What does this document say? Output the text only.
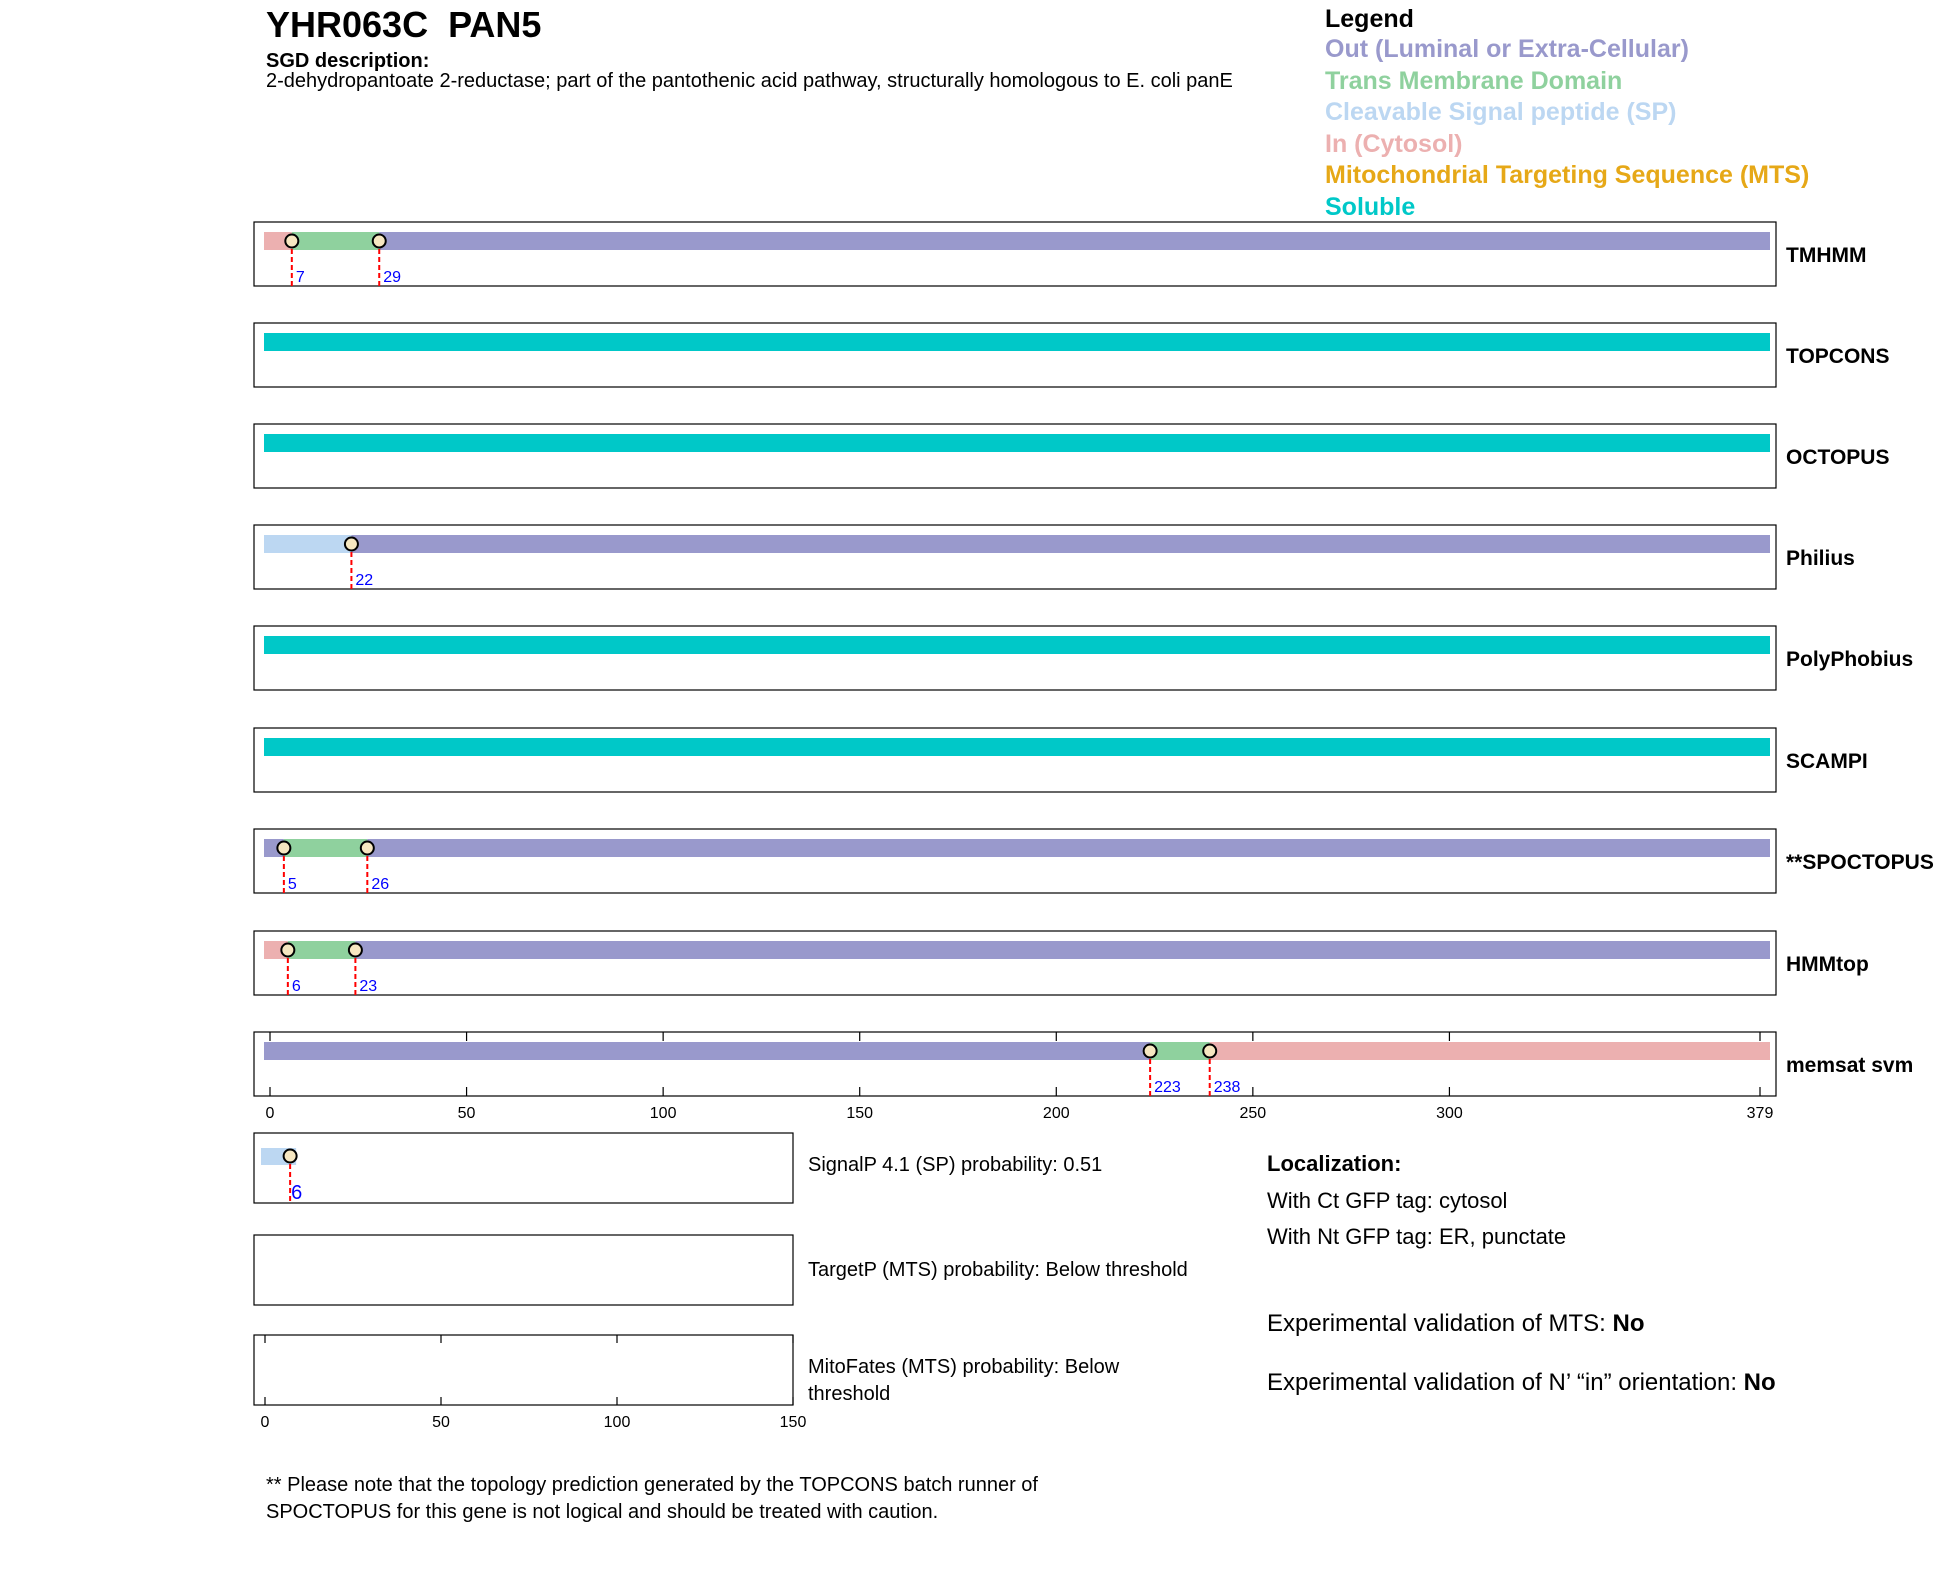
YHR063C  PAN5
SGD description:
2-dehydropantoate 2-reductase; part of the pantothenic acid pathway, structurally homologous to E. coli panE
Legend
Out (Luminal or Extra-Cellular)
Trans Membrane Domain
Cleavable Signal peptide (SP)
In (Cytosol)
Mitochondrial Targeting Sequence (MTS)
Soluble
7	29
TMHMM
TOPCONS
OCTOPUS
22
Philius
PolyPhobius
SCAMPI
5	26
**SPOCTOPUS
6	23
HMMtop
223 238
memsat svm
0	50	100	150	200	250	300	379
6
0	50	100	150
SignalP 4.1 (SP) probability: 0.51
TargetP (MTS) probability: Below threshold
MitoFates (MTS) probability: Below threshold
Localization:
With Ct GFP tag: cytosol
With Nt GFP tag: ER, punctate
Experimental validation of MTS: No
Experimental validation of N’ “in” orientation: No
** Please note that the topology prediction generated by the TOPCONS batch runner of SPOCTOPUS for this gene is not logical and should be treated with caution.
